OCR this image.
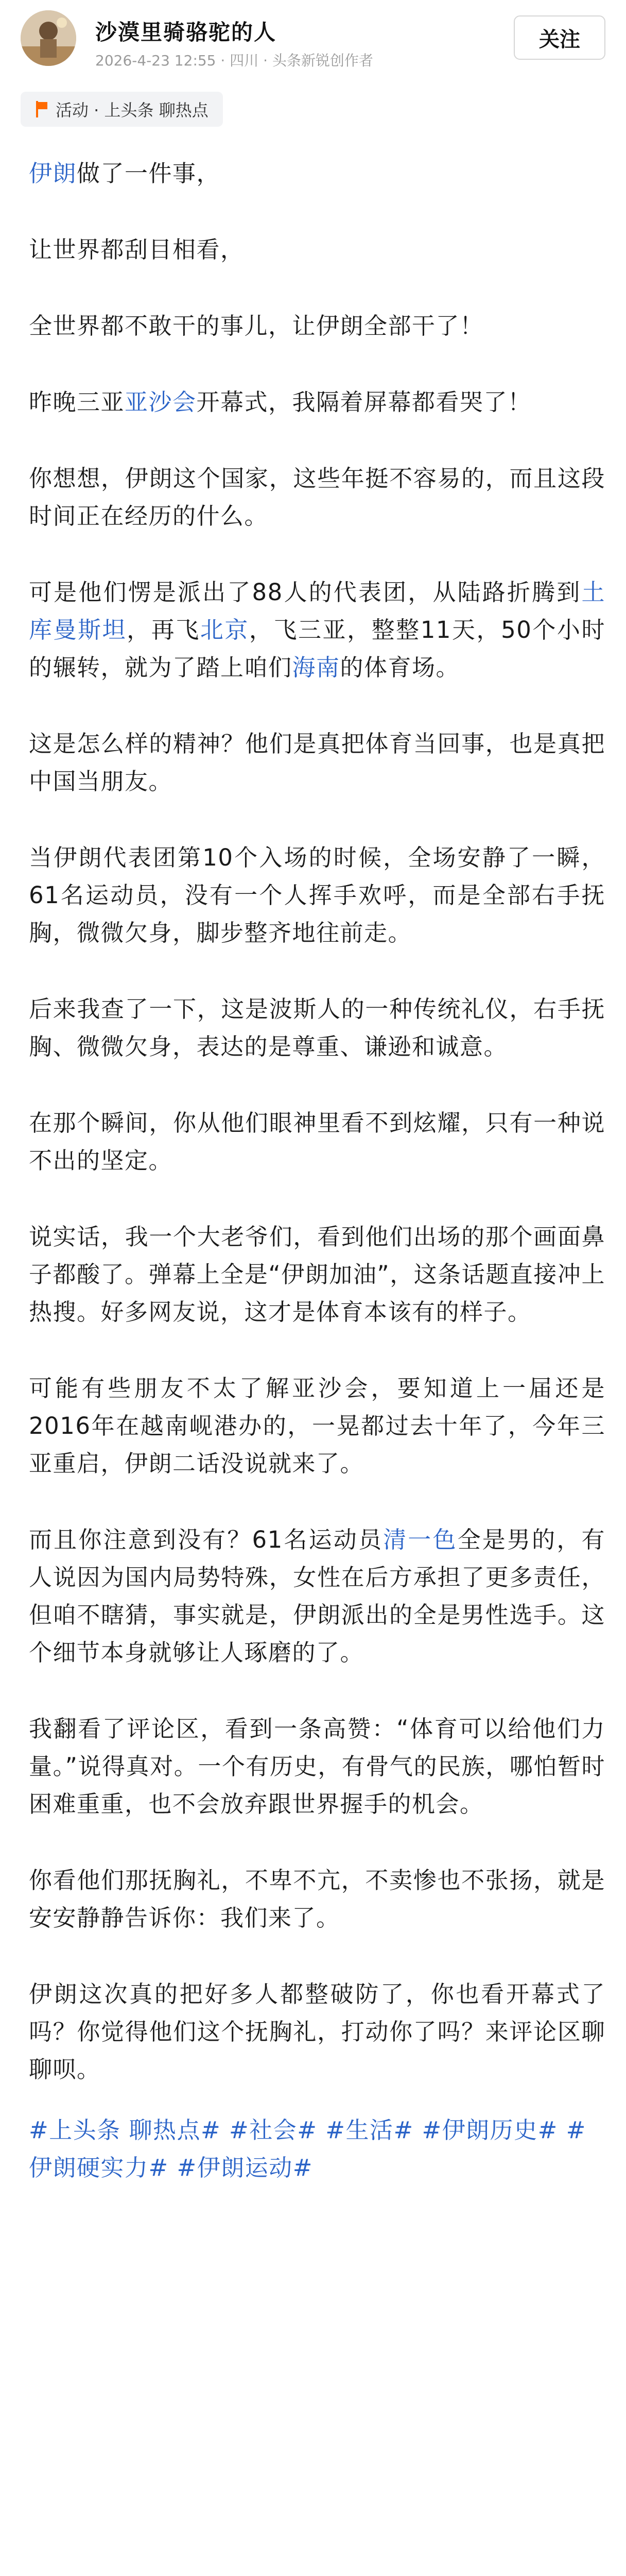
沙漠里骑骆驼的人
2026-4-23 12:55 · 四川 · 头条新锐创作者
关注
活动 · 上头条 聊热点

伊朗做了一件事，

让世界都刮目相看，

全世界都不敢干的事儿，让伊朗全部干了！

昨晚三亚亚沙会开幕式，我隔着屏幕都看哭了！

你想想，伊朗这个国家，这些年挺不容易的，而且这段时间正在经历的什么。

可是他们愣是派出了88人的代表团，从陆路折腾到土库曼斯坦，再飞北京，飞三亚，整整11天，50个小时的辗转，就为了踏上咱们海南的体育场。

这是怎么样的精神？他们是真把体育当回事，也是真把中国当朋友。

当伊朗代表团第10个入场的时候，全场安静了一瞬，61名运动员，没有一个人挥手欢呼，而是全部右手抚胸，微微欠身，脚步整齐地往前走。

后来我查了一下，这是波斯人的一种传统礼仪，右手抚胸、微微欠身，表达的是尊重、谦逊和诚意。

在那个瞬间，你从他们眼神里看不到炫耀，只有一种说不出的坚定。

说实话，我一个大老爷们，看到他们出场的那个画面鼻子都酸了。弹幕上全是“伊朗加油”，这条话题直接冲上热搜。好多网友说，这才是体育本该有的样子。

可能有些朋友不太了解亚沙会，要知道上一届还是2016年在越南岘港办的，一晃都过去十年了，今年三亚重启，伊朗二话没说就来了。

而且你注意到没有？61名运动员清一色全是男的，有人说因为国内局势特殊，女性在后方承担了更多责任，但咱不瞎猜，事实就是，伊朗派出的全是男性选手。这个细节本身就够让人琢磨的了。

我翻看了评论区，看到一条高赞：“体育可以给他们力量。”说得真对。一个有历史，有骨气的民族，哪怕暂时困难重重，也不会放弃跟世界握手的机会。

你看他们那抚胸礼，不卑不亢，不卖惨也不张扬，就是安安静静告诉你：我们来了。

伊朗这次真的把好多人都整破防了，你也看开幕式了吗？你觉得他们这个抚胸礼，打动你了吗？来评论区聊聊呗。

#上头条 聊热点# #社会# #生活# #伊朗历史# #伊朗硬实力# #伊朗运动#
